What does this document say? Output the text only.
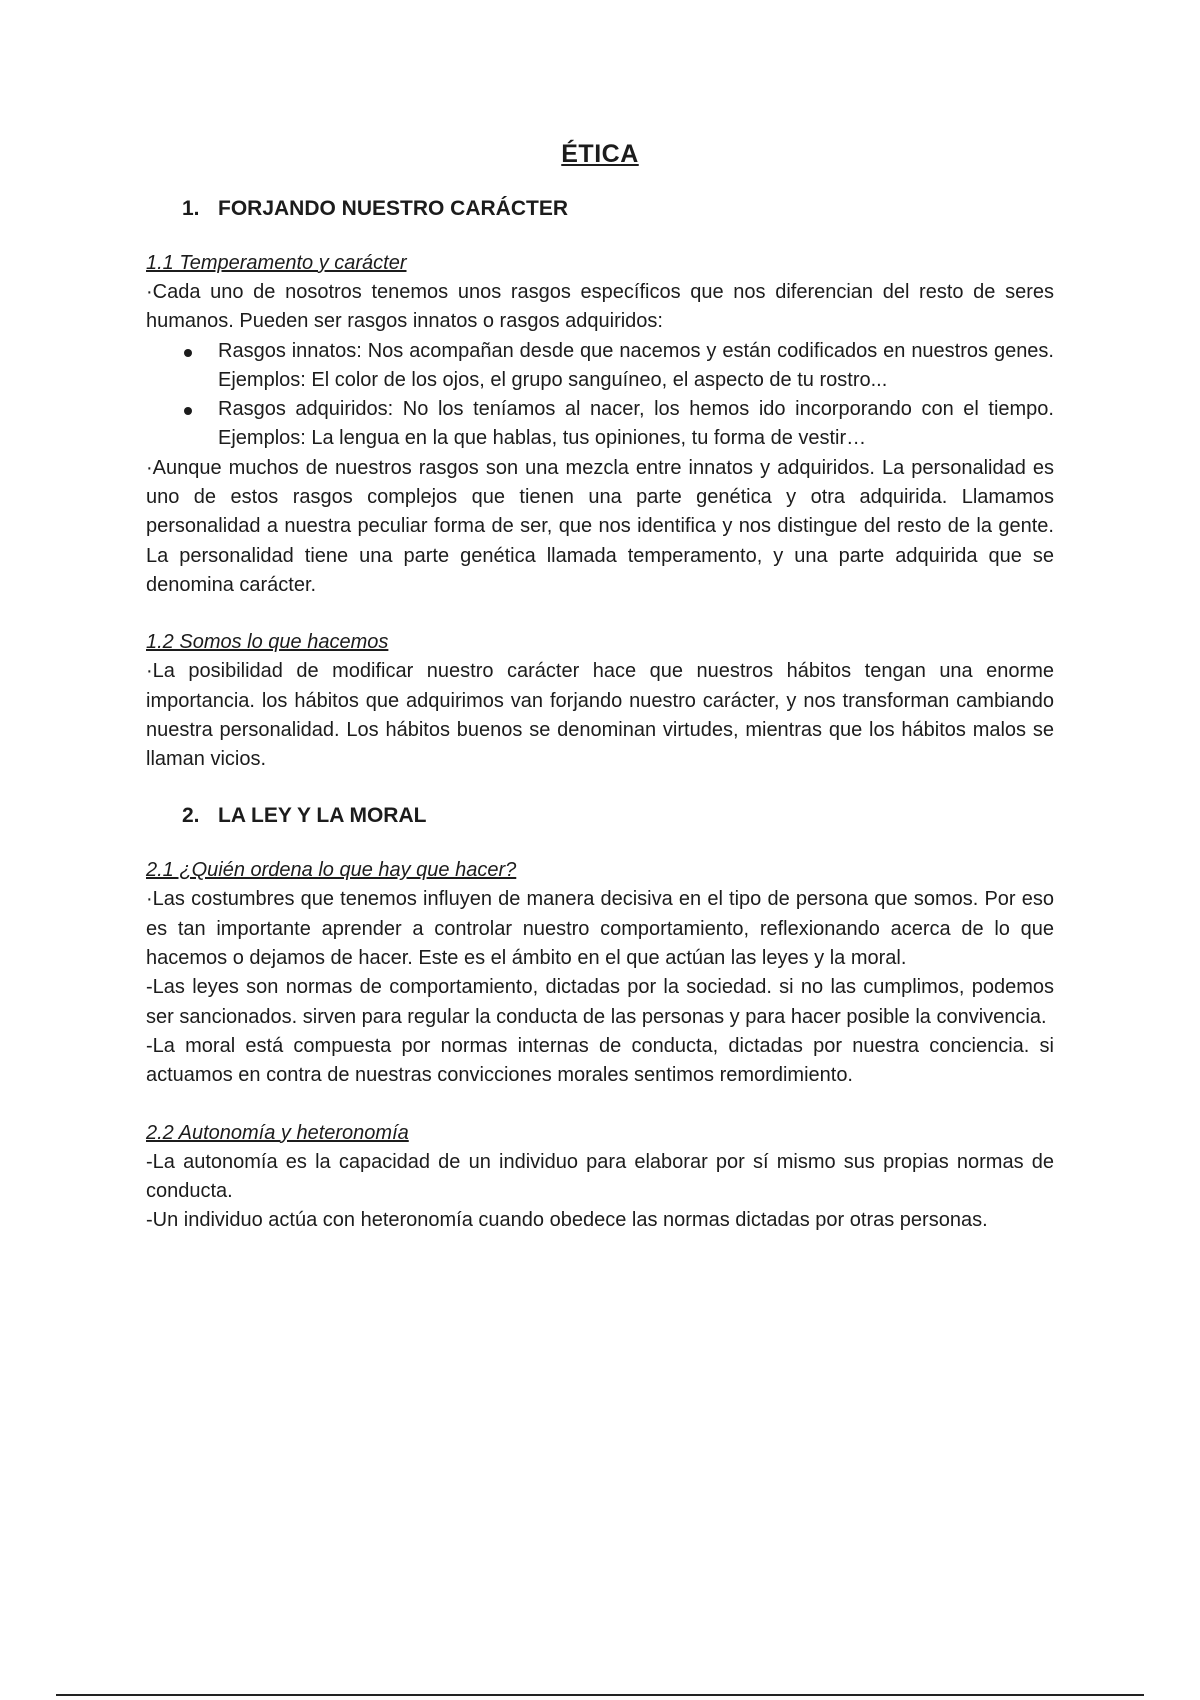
ÉTICA
1. FORJANDO NUESTRO CARÁCTER
1.1 Temperamento y carácter

·Cada uno de nosotros tenemos unos rasgos específicos que nos diferencian del resto de seres humanos. Pueden ser rasgos innatos o rasgos adquiridos:

Rasgos innatos: Nos acompañan desde que nacemos y están codificados en nuestros genes. Ejemplos: El color de los ojos, el grupo sanguíneo, el aspecto de tu rostro...
Rasgos adquiridos: No los teníamos al nacer, los hemos ido incorporando con el tiempo. Ejemplos: La lengua en la que hablas, tus opiniones, tu forma de vestir…

·Aunque muchos de nuestros rasgos son una mezcla entre innatos y adquiridos. La personalidad es uno de estos rasgos complejos que tienen una parte genética y otra adquirida. Llamamos personalidad a nuestra peculiar forma de ser, que nos identifica y nos distingue del resto de la gente. La personalidad tiene una parte genética llamada temperamento, y una parte adquirida que se denomina carácter.

1.2 Somos lo que hacemos

·La posibilidad de modificar nuestro carácter hace que nuestros hábitos tengan una enorme importancia. los hábitos que adquirimos van forjando nuestro carácter, y nos transforman cambiando nuestra personalidad. Los hábitos buenos se denominan virtudes, mientras que los hábitos malos se llaman vicios.

2. LA LEY Y LA MORAL
2.1 ¿Quién ordena lo que hay que hacer?

·Las costumbres que tenemos influyen de manera decisiva en el tipo de persona que somos. Por eso es tan importante aprender a controlar nuestro comportamiento, reflexionando acerca de lo que hacemos o dejamos de hacer. Este es el ámbito en el que actúan las leyes y la moral.

-Las leyes son normas de comportamiento, dictadas por la sociedad. si no las cumplimos, podemos ser sancionados. sirven para regular la conducta de las personas y para hacer posible la convivencia.

-La moral está compuesta por normas internas de conducta, dictadas por nuestra conciencia. si actuamos en contra de nuestras convicciones morales sentimos remordimiento.

2.2 Autonomía y heteronomía

-La autonomía es la capacidad de un individuo para elaborar por sí mismo sus propias normas de conducta.

-Un individuo actúa con heteronomía cuando obedece las normas dictadas por otras personas.
